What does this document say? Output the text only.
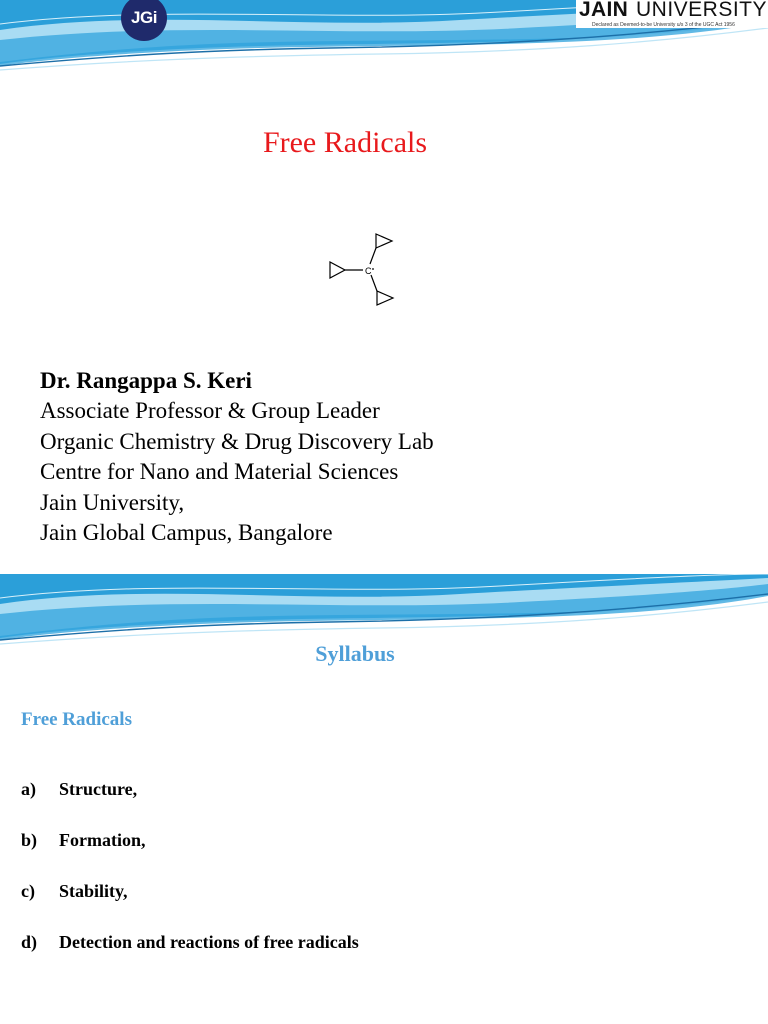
JGi	JAIN UNIVERSITY
Declared as Deemed-to-be University u/s 3 of the UGC Act 1956
Free Radicals
C
Dr. Rangappa S. Keri
Associate Professor & Group Leader
Organic Chemistry & Drug Discovery Lab
Centre for Nano and Material Sciences
Jain University,
Jain Global Campus, Bangalore
Syllabus
Free Radicals
a) Structure,
b) Formation,
c) Stability,
d) Detection and reactions of free radicals
